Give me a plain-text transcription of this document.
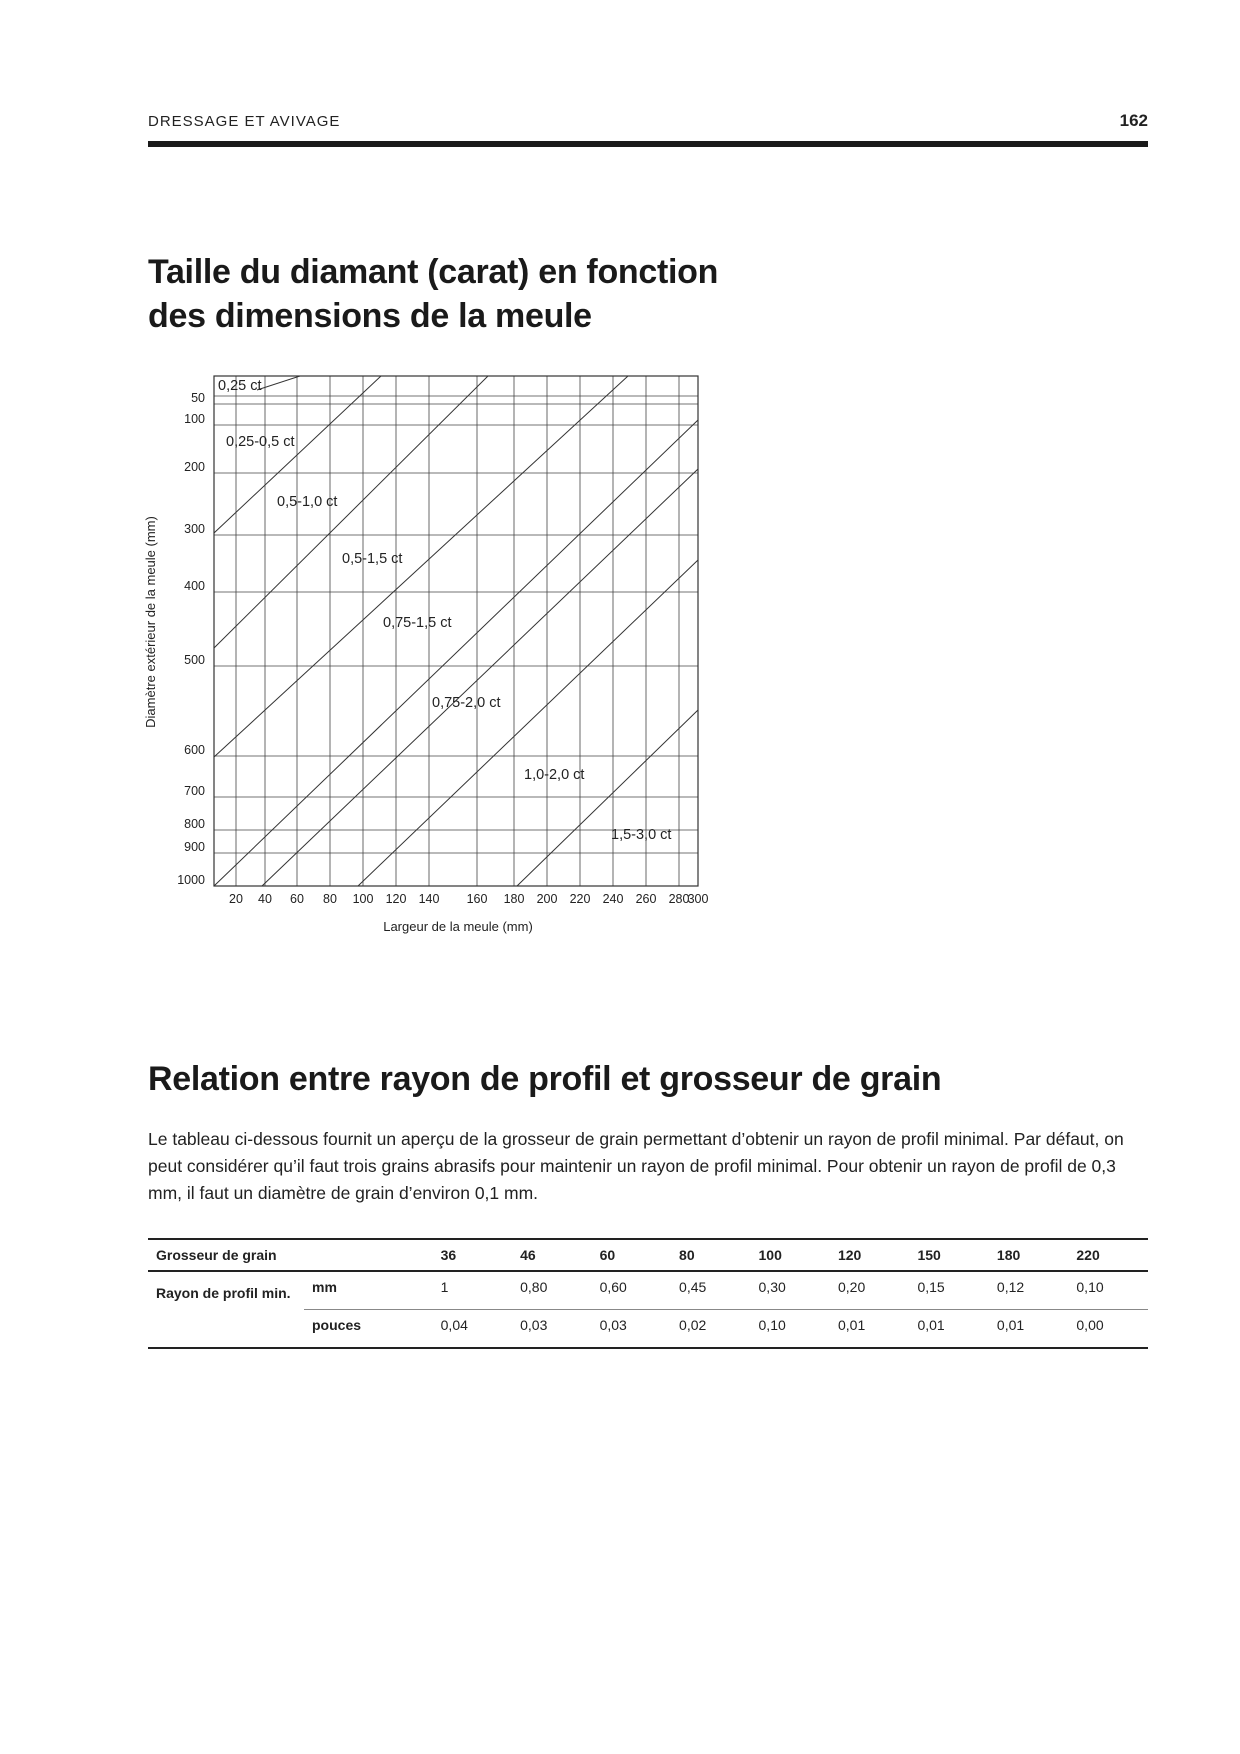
DRESSAGE ET AVIVAGE	162
Taille du diamant (carat) en fonction
des dimensions de la meule
50
100
200
300
400
500
600
700
800
900
1000
20 40 60 80 100 120 140 160 180 200 220 240 260 280
300
0,25 ct
0,25-0,5 ct
0,5-1,0 ct
0,5-1,5 ct
0,75-1,5 ct
0,75-2,0 ct
1,0-2,0 ct
1,5-3,0 ct
Largeur de la meule (mm)
Diamètre extérieur de la meule (mm)
Relation entre rayon de profil et grosseur de grain

Le tableau ci-dessous fournit un aperçu de la grosseur de grain permettant d’obtenir un rayon de profil minimal. Par défaut, on peut considérer qu’il faut trois grains abrasifs pour maintenir un rayon de profil minimal. Pour obtenir un rayon de profil de 0,3 mm, il faut un diamètre de grain d’environ 0,1 mm.

Grosseur de grain		36	46	60	80	100	120	150	180	220
Rayon de profil min.	mm	1	0,80	0,60	0,45	0,30	0,20	0,15	0,12	0,10
	pouces	0,04	0,03	0,03	0,02	0,10	0,01	0,01	0,01	0,00
